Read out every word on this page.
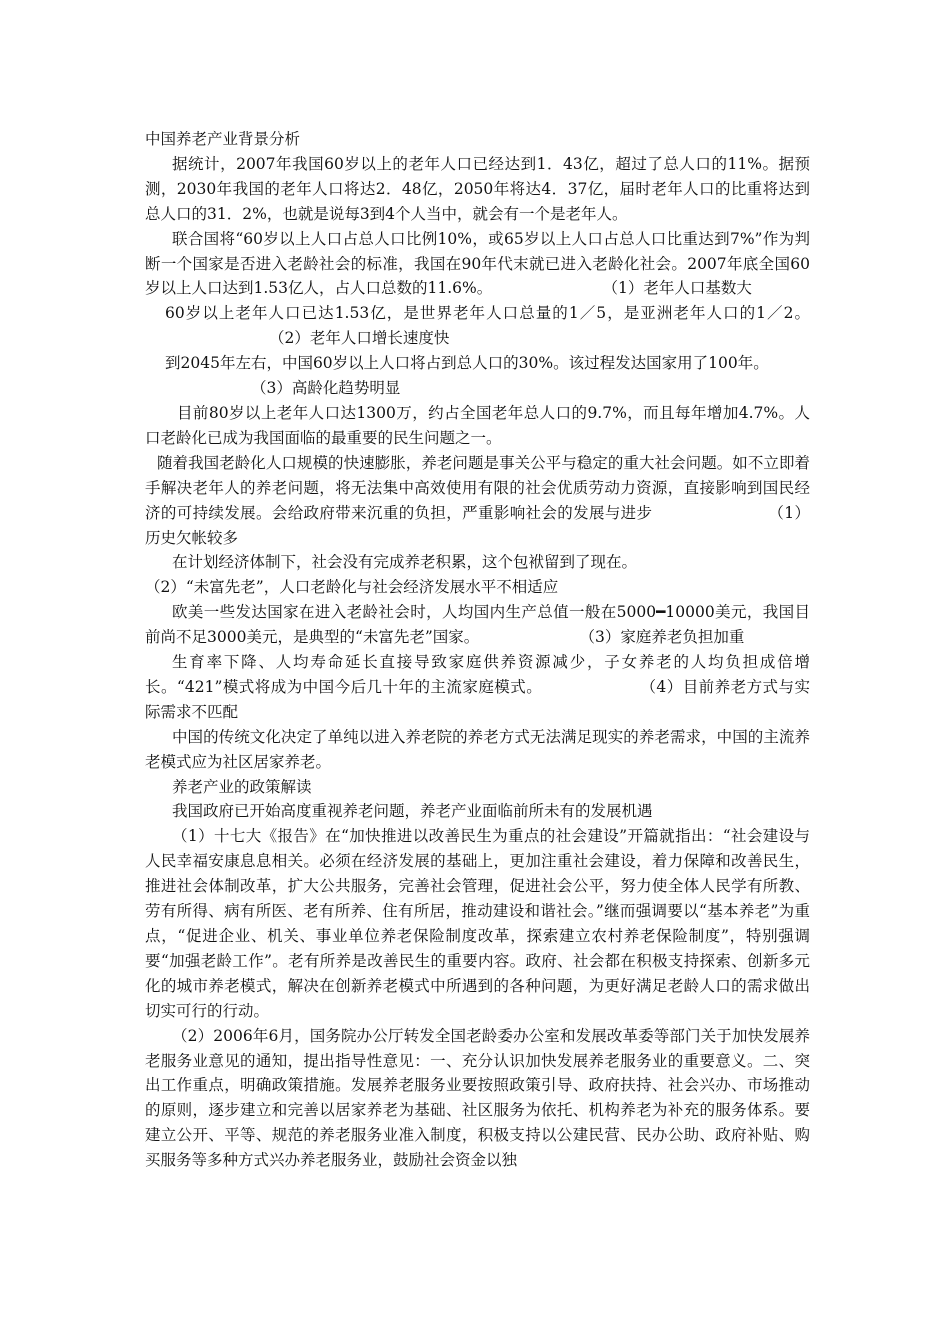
中国养老产业背景分析

据统计，2007年我国60岁以上的老年人口已经达到1．43亿，超过了总人口的11%。据预测，2030年我国的老年人口将达2．48亿，2050年将达4．37亿，届时老年人口的比重将达到总人口的31．2%，也就是说每3到4个人当中，就会有一个是老年人。

联合国将“60岁以上人口占总人口比例10%，或65岁以上人口占总人口比重达到7%”作为判断一个国家是否进入老龄社会的标准，我国在90年代末就已进入老龄化社会。2007年底全国60岁以上人口达到1.53亿人，占人口总数的11.6%。	（1）老年人口基数大

60岁以上老年人口已达1.53亿，是世界老年人口总量的1／5，是亚洲老年人口的1／2。（2）老年人口增长速度快

到2045年左右，中国60岁以上人口将占到总人口的30%。该过程发达国家用了100年。

（3）高龄化趋势明显

目前80岁以上老年人口达1300万，约占全国老年总人口的9.7%，而且每年增加4.7%。人口老龄化已成为我国面临的最重要的民生问题之一。

随着我国老龄化人口规模的快速膨胀，养老问题是事关公平与稳定的重大社会问题。如不立即着手解决老年人的养老问题，将无法集中高效使用有限的社会优质劳动力资源，直接影响到国民经济的可持续发展。会给政府带来沉重的负担，严重影响社会的发展与进步	（1）历史欠帐较多

在计划经济体制下，社会没有完成养老积累，这个包袱留到了现在。

（2）“未富先老”，人口老龄化与社会经济发展水平不相适应

欧美一些发达国家在进入老龄社会时，人均国内生产总值一般在5000━10000美元，我国目前尚不足3000美元，是典型的“未富先老”国家。	（3）家庭养老负担加重

生育率下降、人均寿命延长直接导致家庭供养资源减少，子女养老的人均负担成倍增长。“421”模式将成为中国今后几十年的主流家庭模式。	（4）目前养老方式与实际需求不匹配

中国的传统文化决定了单纯以进入养老院的养老方式无法满足现实的养老需求，中国的主流养老模式应为社区居家养老。

养老产业的政策解读

我国政府已开始高度重视养老问题，养老产业面临前所未有的发展机遇

（1）十七大《报告》在“加快推进以改善民生为重点的社会建设”开篇就指出：“社会建设与人民幸福安康息息相关。必须在经济发展的基础上，更加注重社会建设，着力保障和改善民生，推进社会体制改革，扩大公共服务，完善社会管理，促进社会公平，努力使全体人民学有所教、劳有所得、病有所医、老有所养、住有所居，推动建设和谐社会。”继而强调要以“基本养老”为重点，“促进企业、机关、事业单位养老保险制度改革，探索建立农村养老保险制度”，特别强调要“加强老龄工作”。老有所养是改善民生的重要内容。政府、社会都在积极支持探索、创新多元化的城市养老模式，解决在创新养老模式中所遇到的各种问题，为更好满足老龄人口的需求做出切实可行的行动。

（2）2006年6月，国务院办公厅转发全国老龄委办公室和发展改革委等部门关于加快发展养老服务业意见的通知，提出指导性意见：一、充分认识加快发展养老服务业的重要意义。二、突出工作重点，明确政策措施。发展养老服务业要按照政策引导、政府扶持、社会兴办、市场推动的原则，逐步建立和完善以居家养老为基础、社区服务为依托、机构养老为补充的服务体系。要建立公开、平等、规范的养老服务业准入制度，积极支持以公建民营、民办公助、政府补贴、购买服务等多种方式兴办养老服务业，鼓励社会资金以独
